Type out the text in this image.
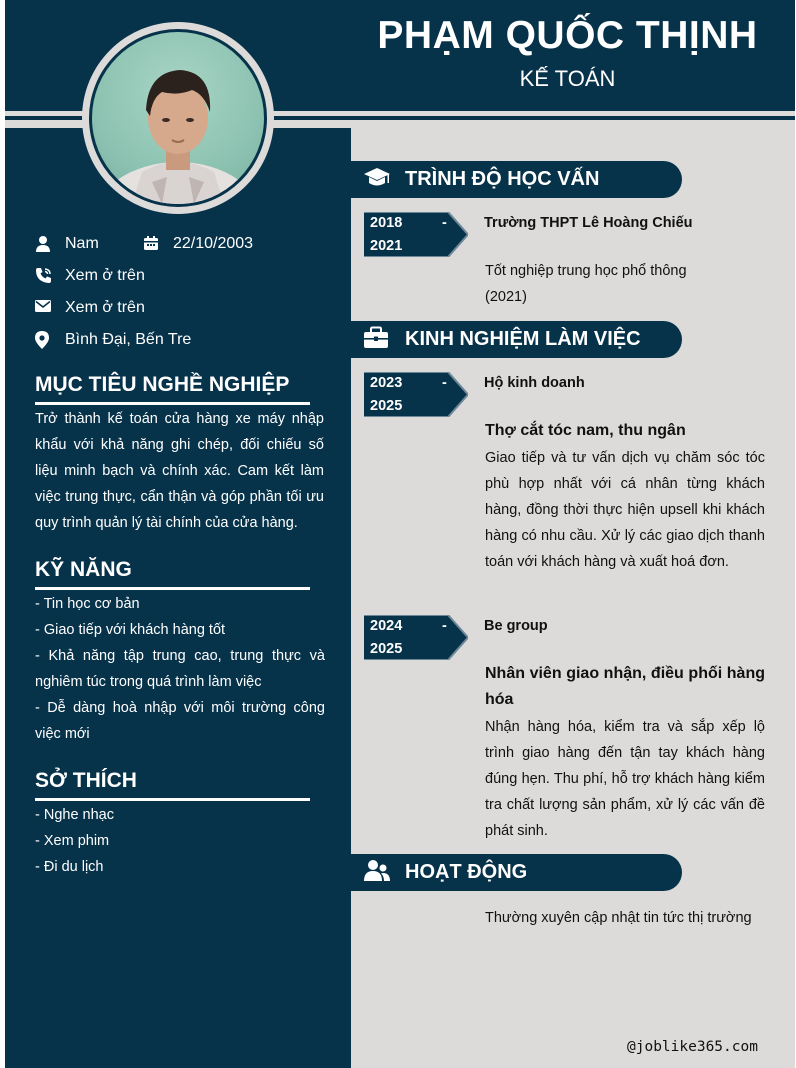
PHẠM QUỐC THỊNH
KẾ TOÁN
Nam	22/10/2003
Xem ở trên
Xem ở trên
Bình Đại, Bến Tre
MỤC TIÊU NGHỀ NGHIỆP
Trở thành kế toán cửa hàng xe máy nhập khẩu với khả năng ghi chép, đối chiếu số liệu minh bạch và chính xác. Cam kết làm việc trung thực, cẩn thận và góp phần tối ưu quy trình quản lý tài chính của cửa hàng.
KỸ NĂNG
- Tin học cơ bản
- Giao tiếp với khách hàng tốt
- Khả năng tập trung cao, trung thực và nghiêm túc trong quá trình làm việc
- Dễ dàng hoà nhập với môi trường công việc mới
SỞ THÍCH
- Nghe nhạc
- Xem phim
- Đi du lịch
TRÌNH ĐỘ HỌC VẤN
2018	-
2021
Trường THPT Lê Hoàng Chiếu
Tốt nghiệp trung học phổ thông (2021)
KINH NGHIỆM LÀM VIỆC
2023	-
2025
Hộ kinh doanh
Thợ cắt tóc nam, thu ngân
Giao tiếp và tư vấn dịch vụ chăm sóc tóc phù hợp nhất với cá nhân từng khách hàng, đồng thời thực hiện upsell khi khách hàng có nhu cầu. Xử lý các giao dịch thanh toán với khách hàng và xuất hoá đơn.
2024	-
2025
Be group
Nhân viên giao nhận, điều phối hàng hóa
Nhận hàng hóa, kiểm tra và sắp xếp lộ trình giao hàng đến tận tay khách hàng đúng hẹn. Thu phí, hỗ trợ khách hàng kiểm tra chất lượng sản phẩm, xử lý các vấn đề phát sinh.
HOẠT ĐỘNG
Thường xuyên cập nhật tin tức thị trường
@joblike365.com
